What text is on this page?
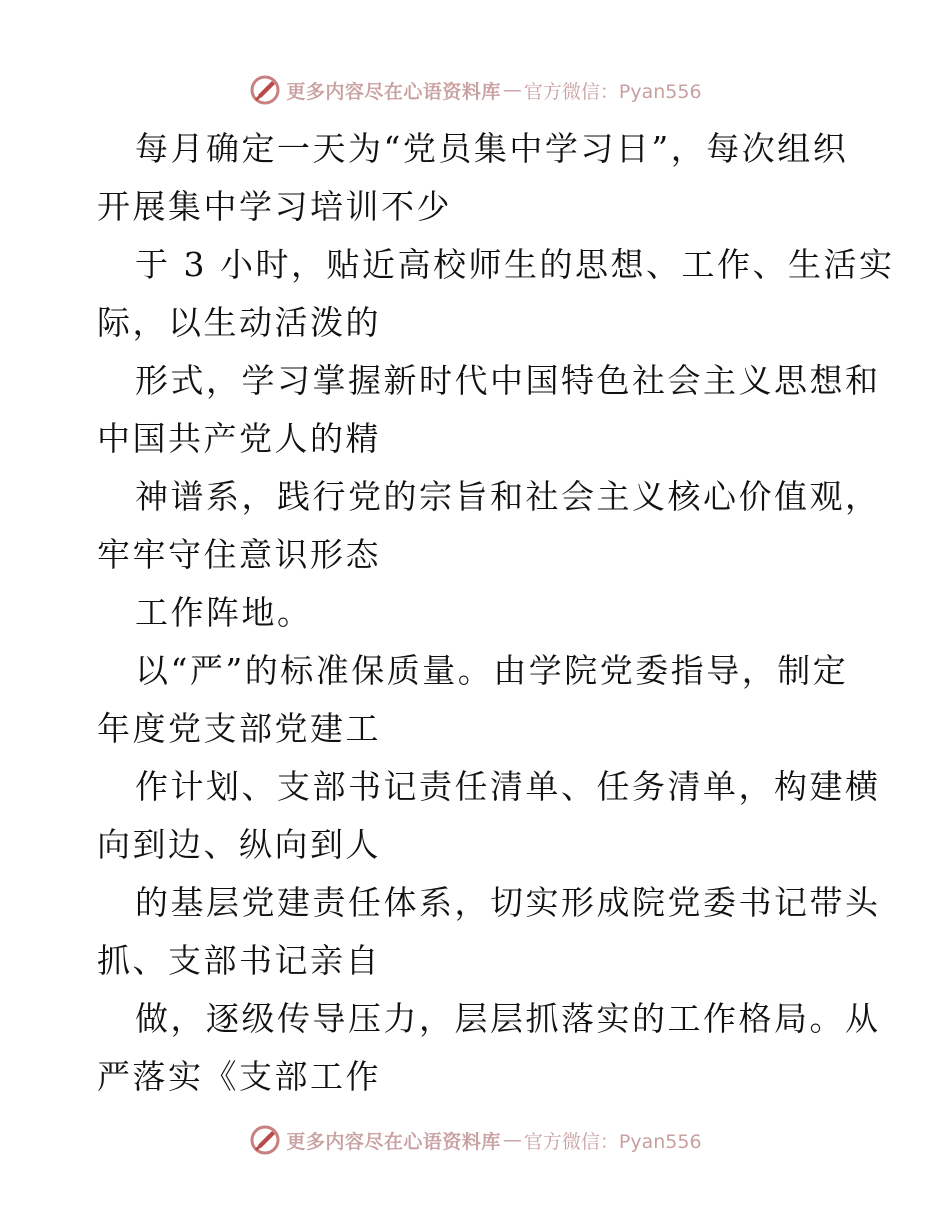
更多内容尽在心语资料库 — 官方微信：Pyan556
每月确定一天为“党员集中学习日”，每次组织
开展集中学习培训不少
于 3 小时，贴近高校师生的思想、工作、生活实
际，以生动活泼的
形式，学习掌握新时代中国特色社会主义思想和
中国共产党人的精
神谱系，践行党的宗旨和社会主义核心价值观，
牢牢守住意识形态
工作阵地。
以“严”的标准保质量。由学院党委指导，制定
年度党支部党建工
作计划、支部书记责任清单、任务清单，构建横
向到边、纵向到人
的基层党建责任体系，切实形成院党委书记带头
抓、支部书记亲自
做，逐级传导压力，层层抓落实的工作格局。从
严落实《支部工作
更多内容尽在心语资料库 — 官方微信：Pyan556
